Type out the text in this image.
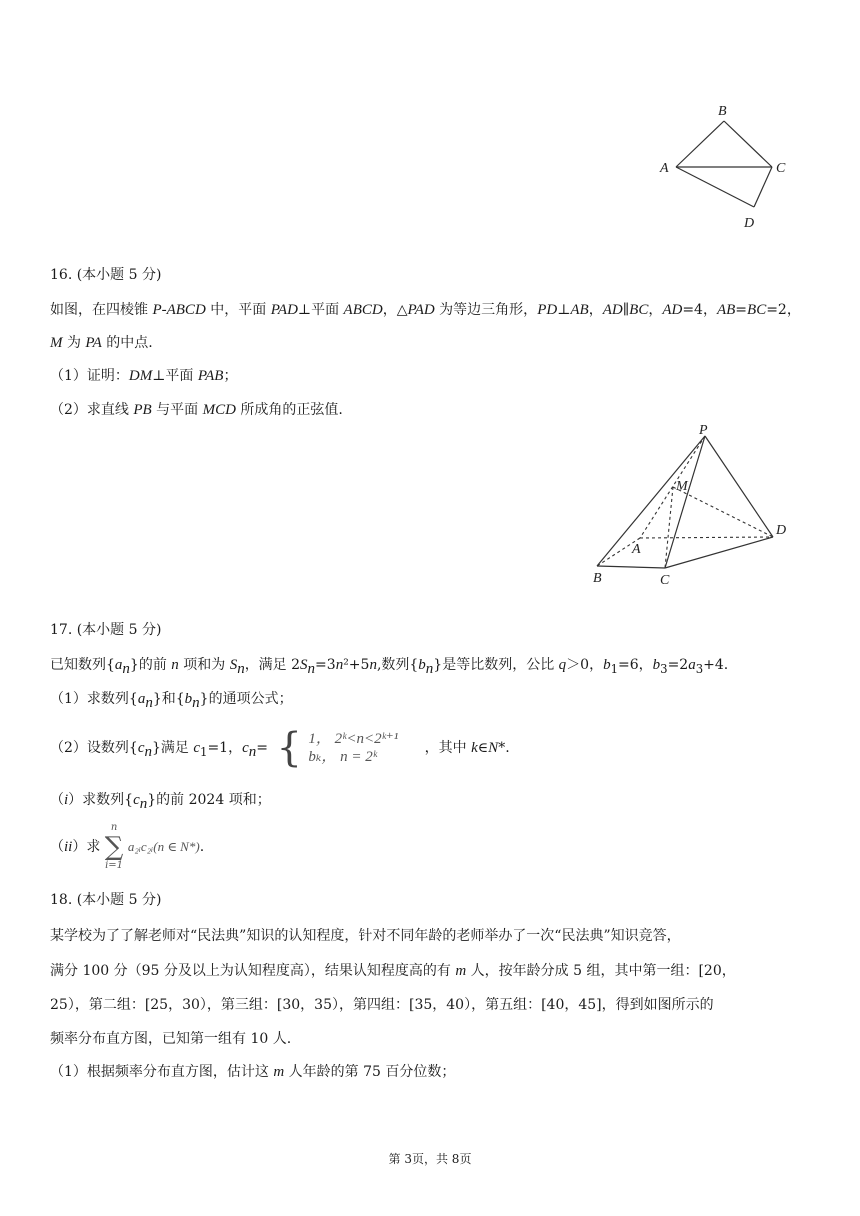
B
A	C
D
16. (本小题 5 分)
如图，在四棱锥 P-ABCD 中，平面 PAD⊥平面 ABCD，△PAD 为等边三角形，PD⊥AB，AD∥BC，AD=4，AB=BC=2，
M 为 PA 的中点.
（1）证明：DM⊥平面 PAB；
（2）求直线 PB 与平面 MCD 所成角的正弦值.
P
M
A
B	C
D
17. (本小题 5 分)
已知数列$\{a_n\}$的前 n 项和为 $S_n$，满足 $2S_n=3n^2+5n$,数列$\{b_n\}$是等比数列，公比 q＞0，$b_1=6$，$b_3=2a_3+4$.
（1）求数列$\{a_n\}$和$\{b_n\}$的通项公式；
（2）设数列$\{c_n\}$满足 $c_1=1$，$c_n=$ { 1， 2ᵏ<n<2ᵏ⁺¹
bₖ， n = 2ᵏ
，其中 k∈N*.
（i）求数列$\{c_n\}$的前 2024 项和；
（ii）求
n
∑
i=1
a₂ᵢc₂ᵢ(n ∈ N*).
18. (本小题 5 分)
某学校为了了解老师对“民法典”知识的认知程度，针对不同年龄的老师举办了一次“民法典”知识竞答，
满分 100 分（95 分及以上为认知程度高），结果认知程度高的有 m 人，按年龄分成 5 组，其中第一组：[20，
25），第二组：[25，30），第三组：[30，35），第四组：[35，40），第五组：[40，45]，得到如图所示的
频率分布直方图，已知第一组有 10 人.
（1）根据频率分布直方图，估计这 m 人年龄的第 75 百分位数；
第 3页，共 8页
